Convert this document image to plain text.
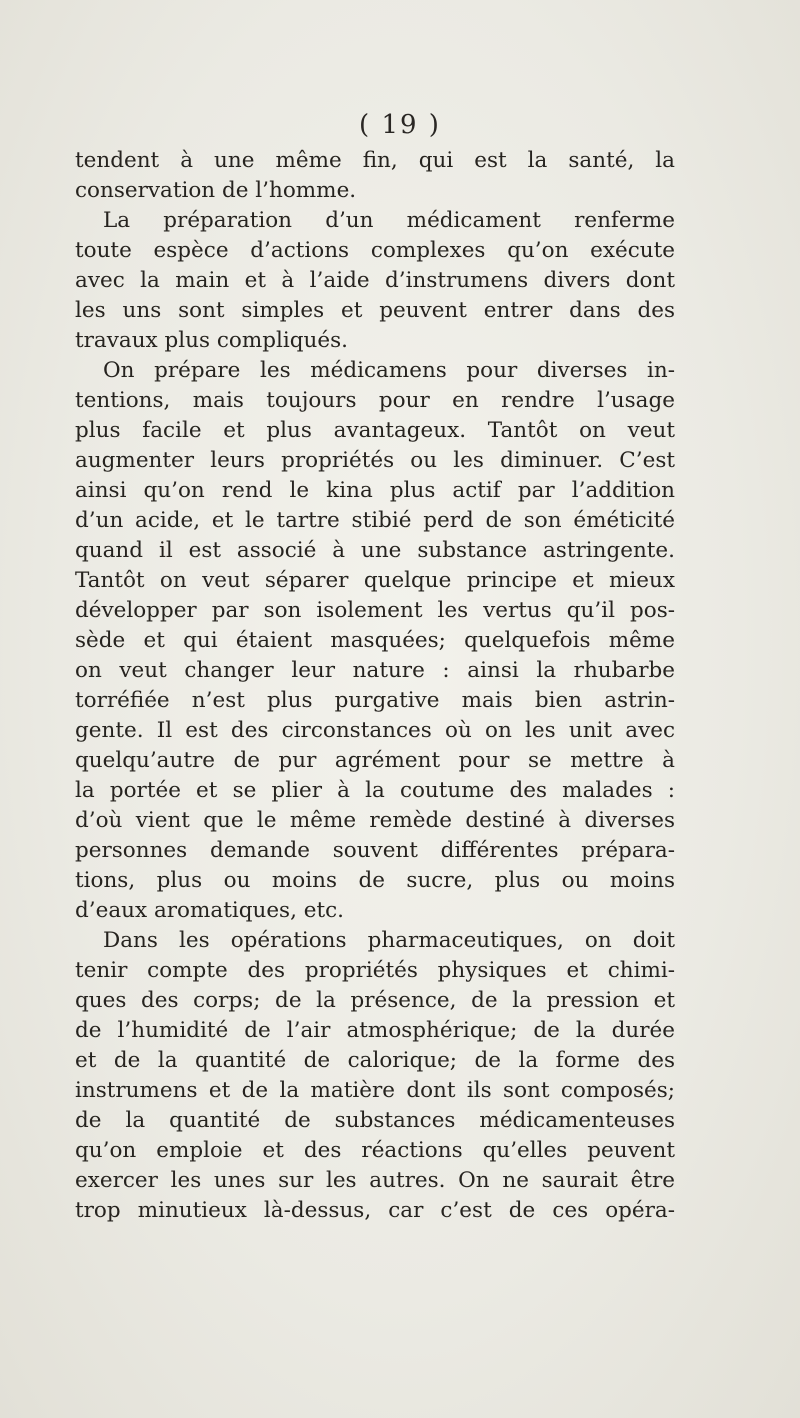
( 19 )
tendent à une même fin, qui est la santé, la
conservation de l’homme.
La préparation d’un médicament renferme
toute espèce d’actions complexes qu’on exécute
avec la main et à l’aide d’instrumens divers dont
les uns sont simples et peuvent entrer dans des
travaux plus compliqués.
On prépare les médicamens pour diverses in-
tentions, mais toujours pour en rendre l’usage
plus facile et plus avantageux. Tantôt on veut
augmenter leurs propriétés ou les diminuer. C’est
ainsi qu’on rend le kina plus actif par l’addition
d’un acide, et le tartre stibié perd de son éméticité
quand il est associé à une substance astringente.
Tantôt on veut séparer quelque principe et mieux
développer par son isolement les vertus qu’il pos-
sède et qui étaient masquées; quelquefois même
on veut changer leur nature : ainsi la rhubarbe
torréfiée n’est plus purgative mais bien astrin-
gente. Il est des circonstances où on les unit avec
quelqu’autre de pur agrément pour se mettre à
la portée et se plier à la coutume des malades :
d’où vient que le même remède destiné à diverses
personnes demande souvent différentes prépara-
tions, plus ou moins de sucre, plus ou moins
d’eaux aromatiques, etc.
Dans les opérations pharmaceutiques, on doit
tenir compte des propriétés physiques et chimi-
ques des corps; de la présence, de la pression et
de l’humidité de l’air atmosphérique; de la durée
et de la quantité de calorique; de la forme des
instrumens et de la matière dont ils sont composés;
de la quantité de substances médicamenteuses
qu’on emploie et des réactions qu’elles peuvent
exercer les unes sur les autres. On ne saurait être
trop minutieux là-dessus, car c’est de ces opéra-
